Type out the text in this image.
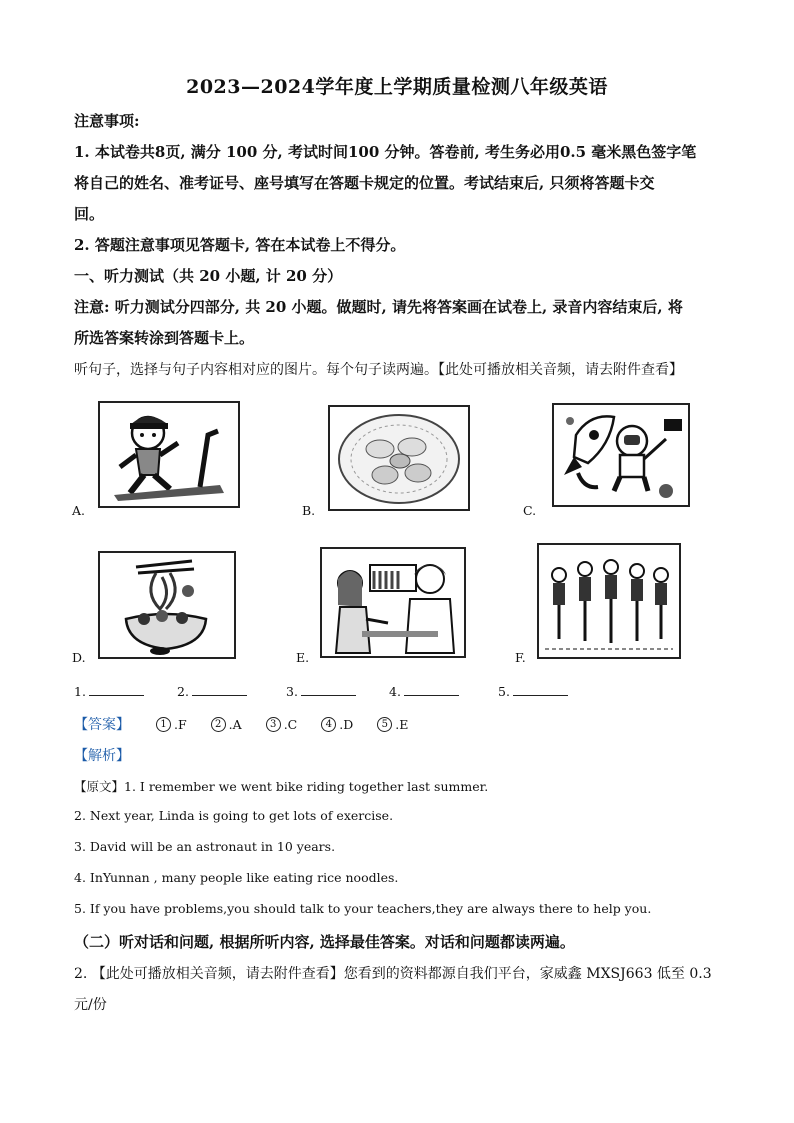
2023—2024学年度上学期质量检测八年级英语
注意事项:
1. 本试卷共8页, 满分 100 分, 考试时间100 分钟。答卷前, 考生务必用0.5 毫米黑色签字笔
将自己的姓名、准考证号、座号填写在答题卡规定的位置。考试结束后, 只须将答题卡交
回。
2. 答题注意事项见答题卡, 答在本试卷上不得分。
一、听力测试（共 20 小题, 计 20 分）
注意: 听力测试分四部分, 共 20 小题。做题时, 请先将答案画在试卷上, 录音内容结束后, 将
所选答案转涂到答题卡上。
听句子，选择与句子内容相对应的图片。每个句子读两遍。【此处可播放相关音频，请去附件查看】
A.	B.	C.
D.	E.	F.
1.	2.	3.	4.	5.
【答案】	1 . F	2 . A	3 . C	4 . D	5 . E
【解析】
【原文】1. I remember we went bike riding together last summer.
2. Next year, Linda is going to get lots of exercise.
3. David will be an astronaut in 10 years.
4. InYunnan , many people like eating rice noodles.
5. If you have problems,you should talk to your teachers,they are always there to help you.
（二）听对话和问题, 根据所听内容, 选择最佳答案。对话和问题都读两遍。
2. 【此处可播放相关音频，请去附件查看】您看到的资料都源自我们平台，家威鑫 MXSJ663 低至 0.3
元/份
